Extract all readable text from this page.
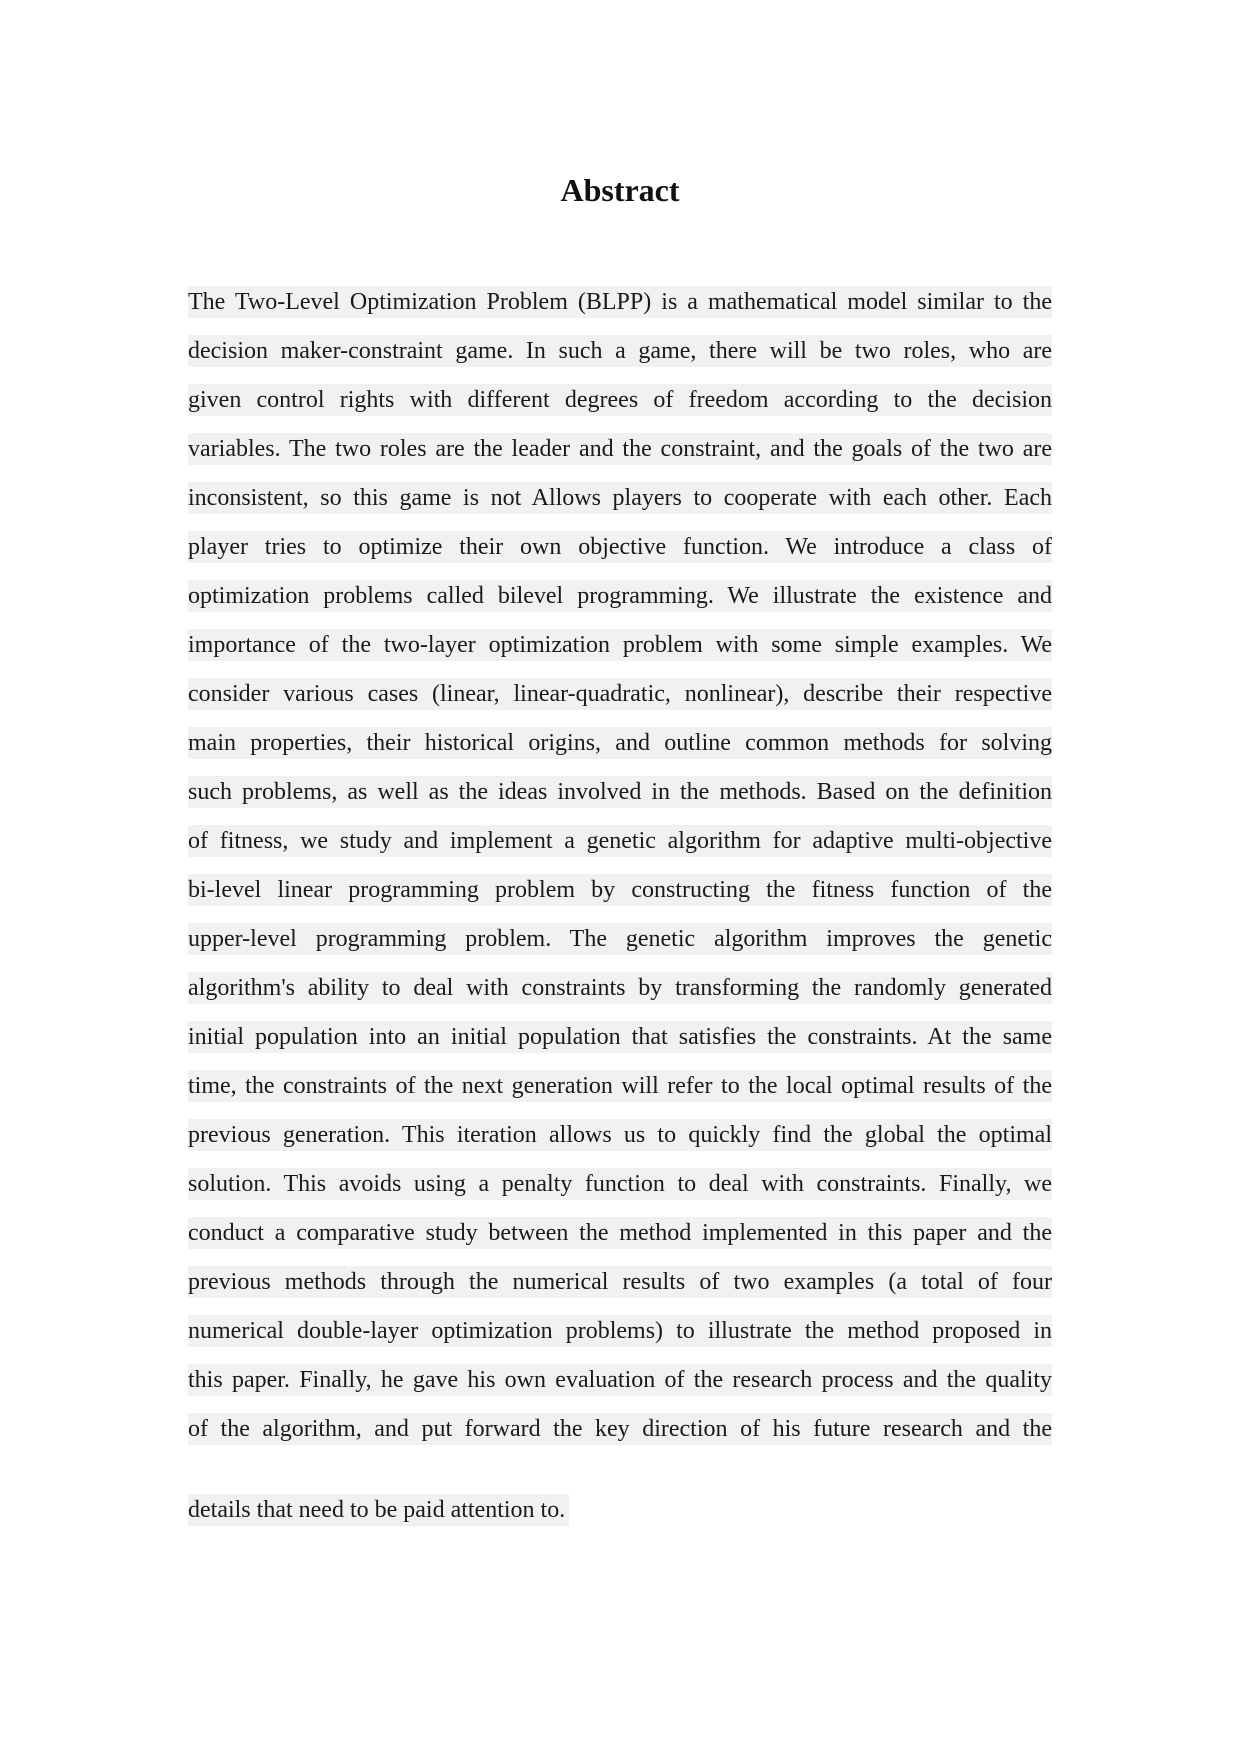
Abstract
The Two-Level Optimization Problem (BLPP) is a mathematical model similar to the
decision maker-constraint game. In such a game, there will be two roles, who are
given control rights with different degrees of freedom according to the decision
variables. The two roles are the leader and the constraint, and the goals of the two are
inconsistent, so this game is not Allows players to cooperate with each other. Each
player tries to optimize their own objective function. We introduce a class of
optimization problems called bilevel programming. We illustrate the existence and
importance of the two-layer optimization problem with some simple examples. We
consider various cases (linear, linear-quadratic, nonlinear), describe their respective
main properties, their historical origins, and outline common methods for solving
such problems, as well as the ideas involved in the methods. Based on the definition
of fitness, we study and implement a genetic algorithm for adaptive multi-objective
bi-level linear programming problem by constructing the fitness function of the
upper-level programming problem. The genetic algorithm improves the genetic
algorithm's ability to deal with constraints by transforming the randomly generated
initial population into an initial population that satisfies the constraints. At the same
time, the constraints of the next generation will refer to the local optimal results of the
previous generation. This iteration allows us to quickly find the global the optimal
solution. This avoids using a penalty function to deal with constraints. Finally, we
conduct a comparative study between the method implemented in this paper and the
previous methods through the numerical results of two examples (a total of four
numerical double-layer optimization problems) to illustrate the method proposed in
this paper. Finally, he gave his own evaluation of the research process and the quality
of the algorithm, and put forward the key direction of his future research and the
details that need to be paid attention to.
